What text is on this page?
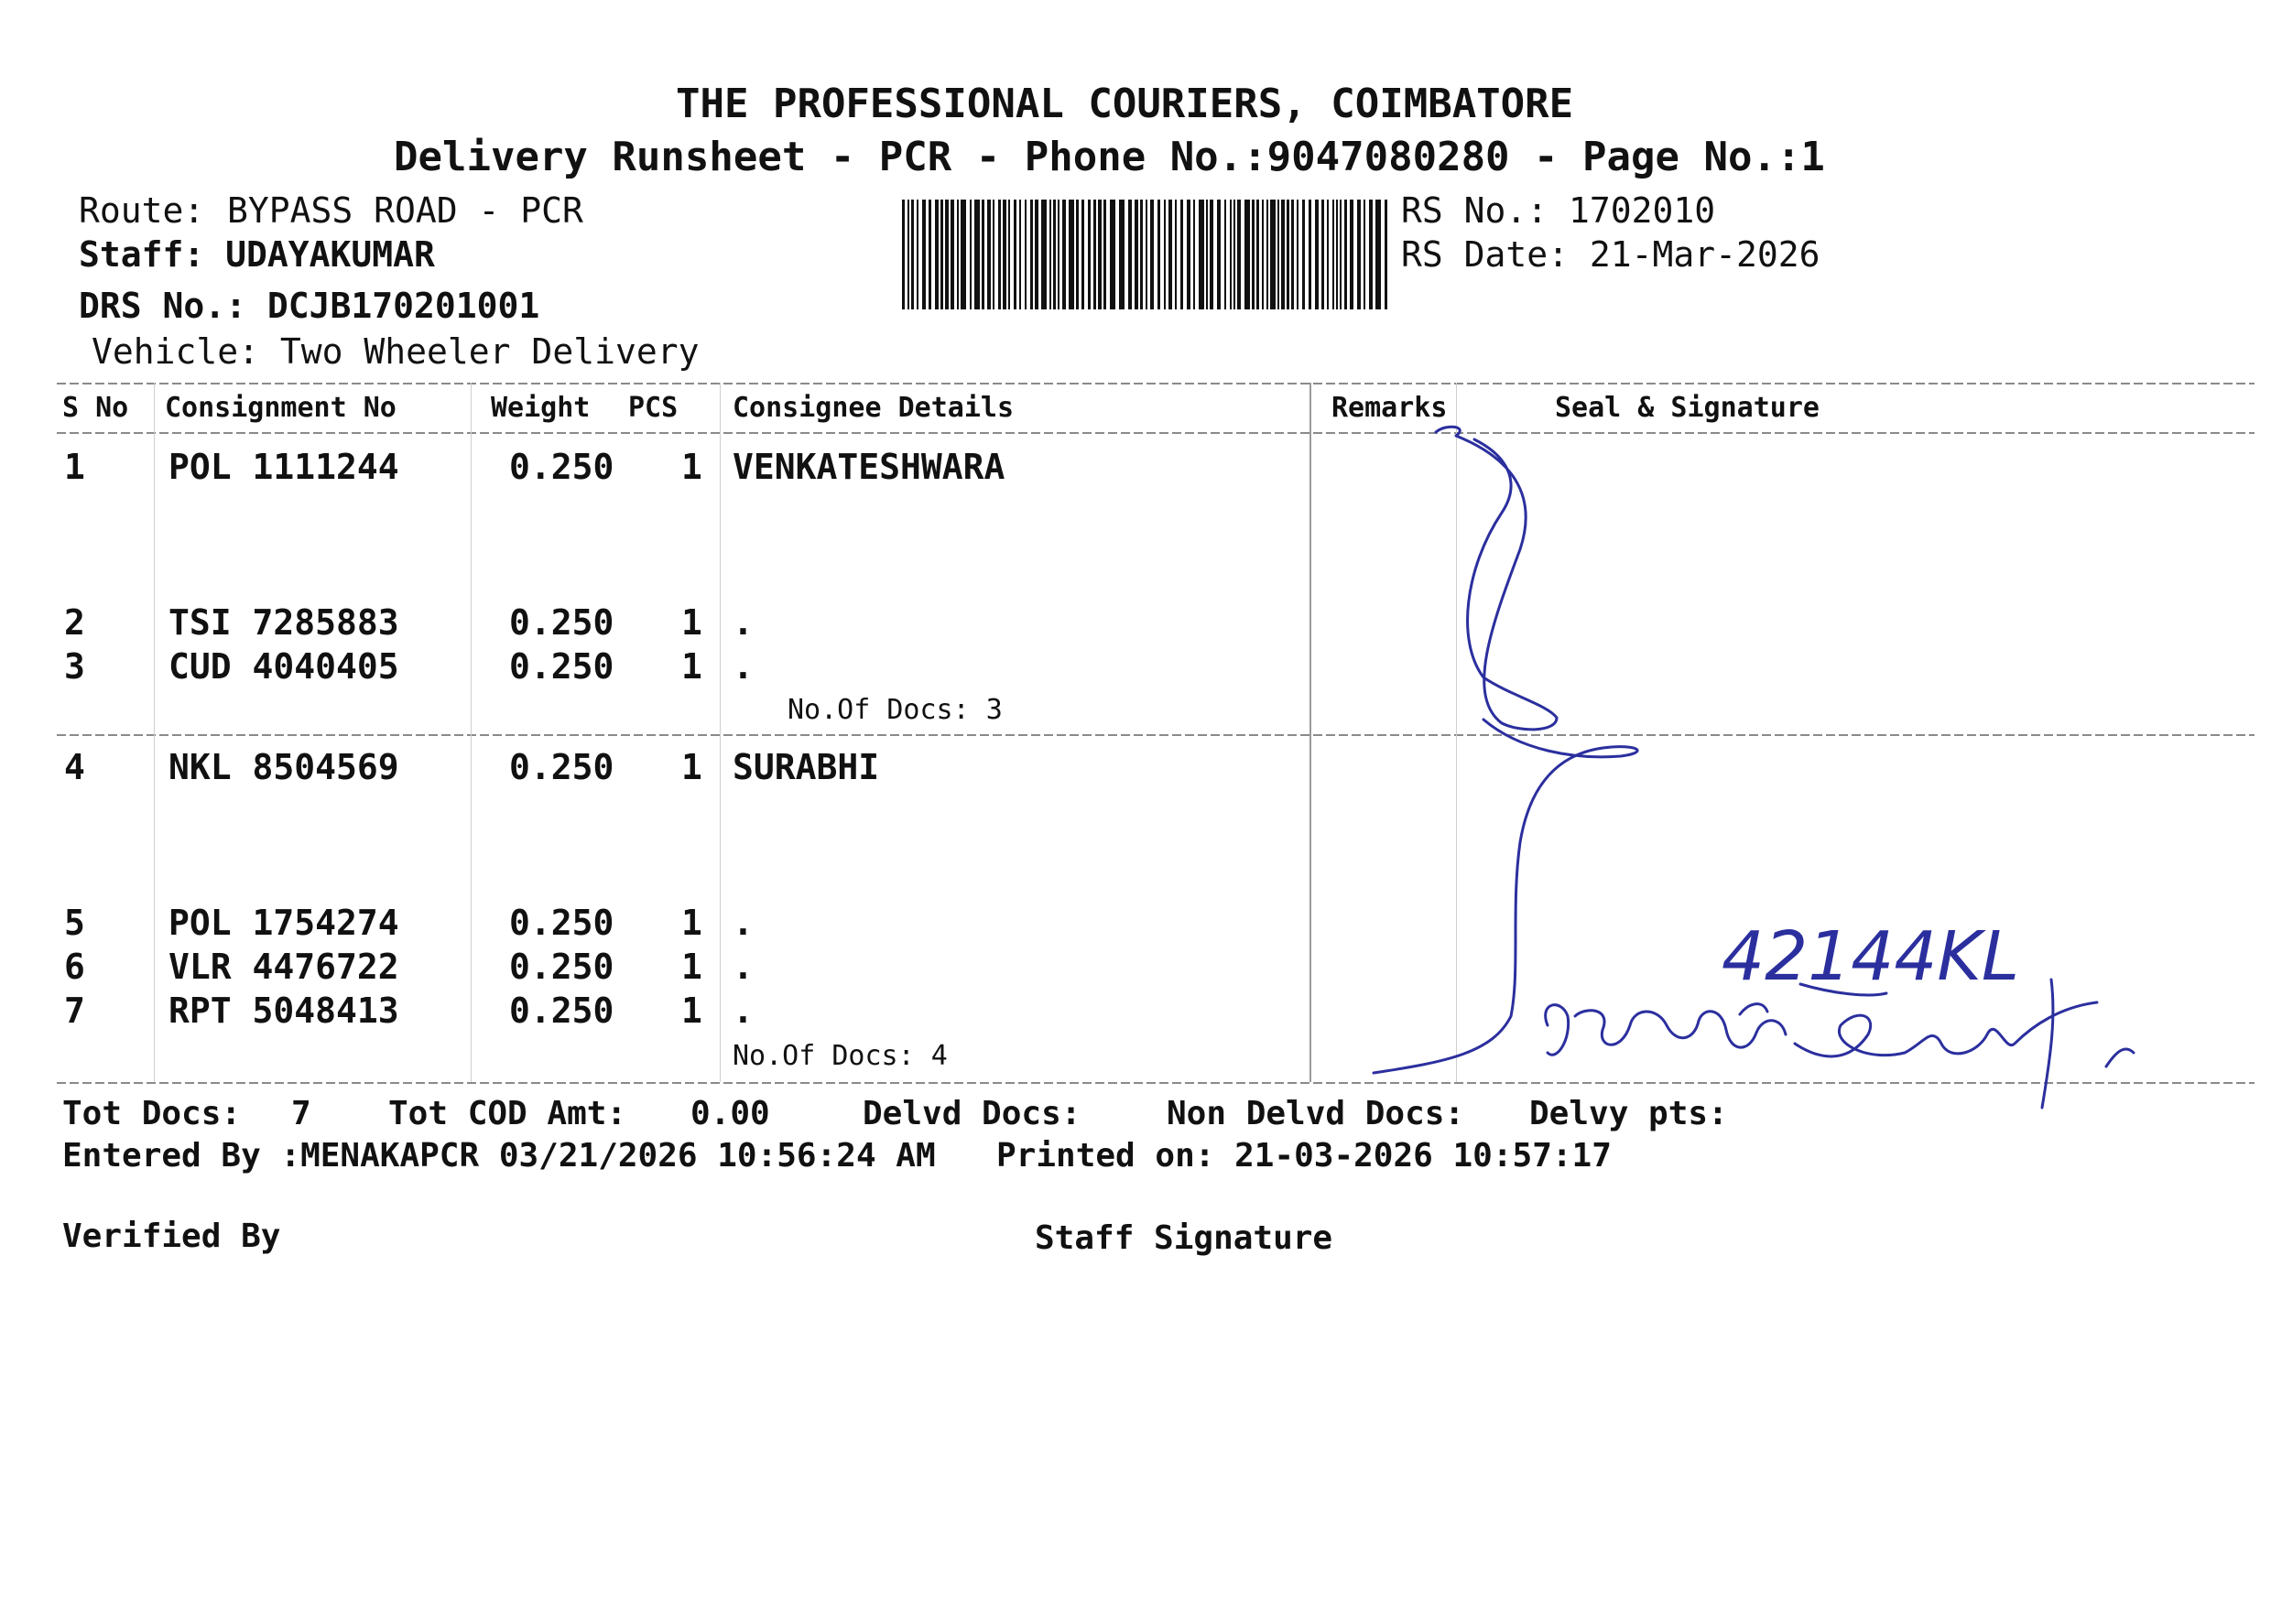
THE PROFESSIONAL COURIERS, COIMBATORE
Delivery Runsheet - PCR - Phone No.:9047080280 - Page No.:1
Route: BYPASS ROAD - PCR
Staff: UDAYAKUMAR
DRS No.: DCJB170201001
Vehicle: Two Wheeler Delivery
RS No.: 1702010
RS Date: 21-Mar-2026
S No Consignment No	Weight PCS Consignee Details	Remarks	Seal & Signature
1 POL 1111244	0.250 1 VENKATESHWARA
2 TSI 7285883	0.250 1 .
3 CUD 4040405	0.250 1 .
No.Of Docs: 3
4 NKL 8504569	0.250 1 SURABHI
5 POL 1754274	0.250 1 .
6 VLR 4476722	0.250 1 .
7 RPT 5048413	0.250 1 .
No.Of Docs: 4
Tot Docs: 7 Tot COD Amt: 0.00	Delvd Docs:	Non Delvd Docs: Delvy pts:
Entered By :MENAKAPCR 03/21/2026 10:56:24 AM Printed on: 21-03-2026 10:57:17
Verified By	Staff Signature
42144KL
